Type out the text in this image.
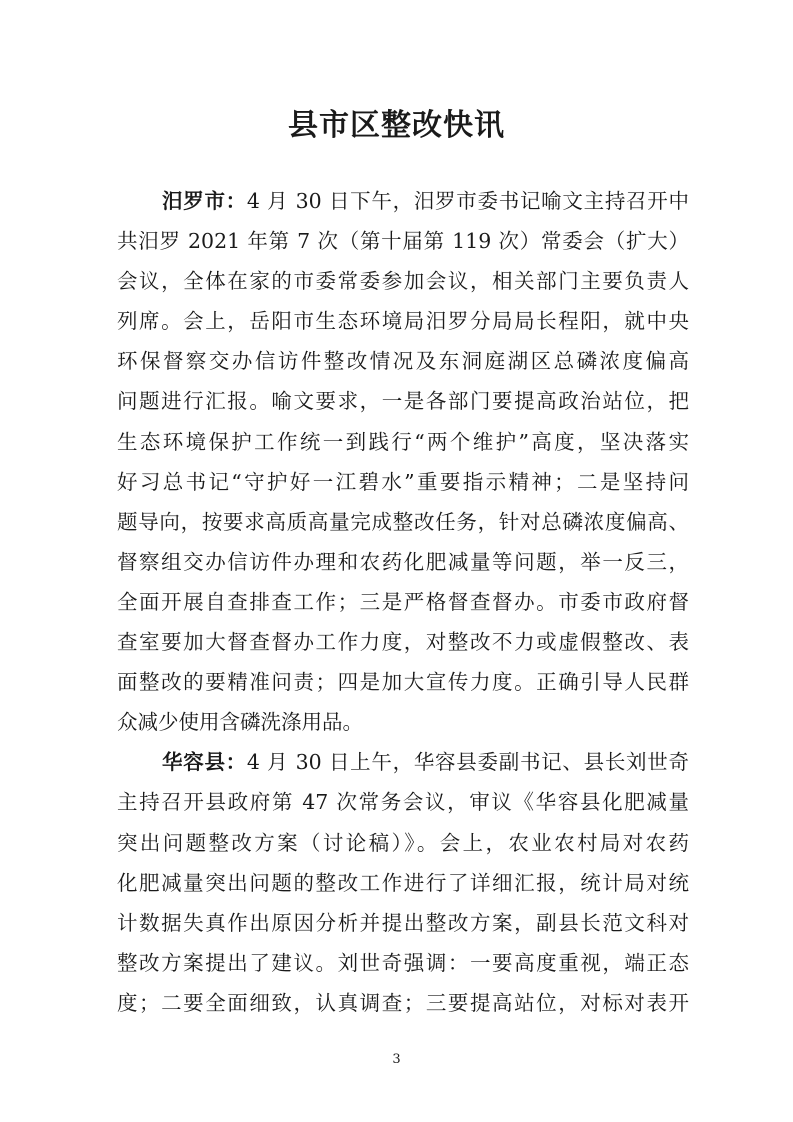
县市区整改快讯
汨罗市：4 月 30 日下午，汨罗市委书记喻文主持召开中
共汨罗 2021 年第 7 次（第十届第 119 次）常委会（扩大）
会议，全体在家的市委常委参加会议，相关部门主要负责人
列席。会上，岳阳市生态环境局汨罗分局局长程阳，就中央
环保督察交办信访件整改情况及东洞庭湖区总磷浓度偏高
问题进行汇报。喻文要求，一是各部门要提高政治站位，把
生态环境保护工作统一到践行“两个维护”高度，坚决落实
好习总书记“守护好一江碧水”重要指示精神；二是坚持问
题导向，按要求高质高量完成整改任务，针对总磷浓度偏高、
督察组交办信访件办理和农药化肥减量等问题，举一反三，
全面开展自查排查工作；三是严格督查督办。市委市政府督
查室要加大督查督办工作力度，对整改不力或虚假整改、表
面整改的要精准问责；四是加大宣传力度。正确引导人民群
众减少使用含磷洗涤用品。
华容县：4 月 30 日上午，华容县委副书记、县长刘世奇
主持召开县政府第 47 次常务会议，审议《华容县化肥减量
突出问题整改方案（讨论稿）》。会上，农业农村局对农药
化肥减量突出问题的整改工作进行了详细汇报，统计局对统
计数据失真作出原因分析并提出整改方案，副县长范文科对
整改方案提出了建议。刘世奇强调：一要高度重视，端正态
度；二要全面细致，认真调查；三要提高站位，对标对表开
3
